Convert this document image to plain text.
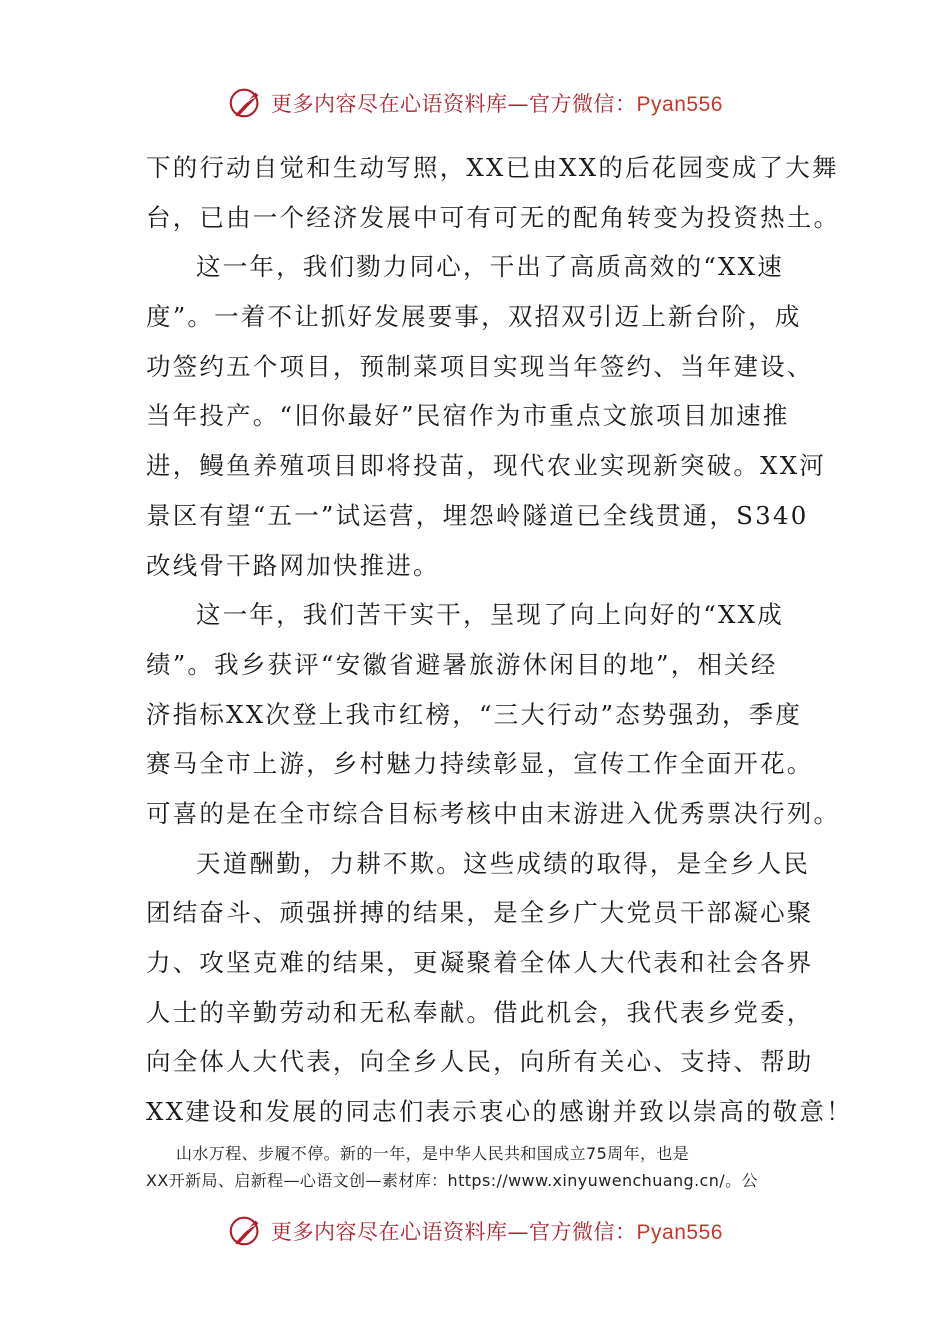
更多内容尽在心语资料库—官方微信：Pyan556
下的行动自觉和生动写照，XX已由XX的后花园变成了大舞
台，已由一个经济发展中可有可无的配角转变为投资热土。
这一年，我们勠力同心，干出了高质高效的“XX速
度”。一着不让抓好发展要事，双招双引迈上新台阶，成
功签约五个项目，预制菜项目实现当年签约、当年建设、
当年投产。“旧你最好”民宿作为市重点文旅项目加速推
进，鳗鱼养殖项目即将投苗，现代农业实现新突破。XX河
景区有望“五一”试运营，埋怨岭隧道已全线贯通，S340
改线骨干路网加快推进。
这一年，我们苦干实干，呈现了向上向好的“XX成
绩”。我乡获评“安徽省避暑旅游休闲目的地”，相关经
济指标XX次登上我市红榜，“三大行动”态势强劲，季度
赛马全市上游，乡村魅力持续彰显，宣传工作全面开花。
可喜的是在全市综合目标考核中由末游进入优秀票决行列。
天道酬勤，力耕不欺。这些成绩的取得，是全乡人民
团结奋斗、顽强拼搏的结果，是全乡广大党员干部凝心聚
力、攻坚克难的结果，更凝聚着全体人大代表和社会各界
人士的辛勤劳动和无私奉献。借此机会，我代表乡党委，
向全体人大代表，向全乡人民，向所有关心、支持、帮助
XX建设和发展的同志们表示衷心的感谢并致以崇高的敬意！
山水万程、步履不停。新的一年，是中华人民共和国成立75周年，也是
XX开新局、启新程—心语文创—素材库：https://www.xinyuwenchuang.cn/。公
更多内容尽在心语资料库—官方微信：Pyan556
